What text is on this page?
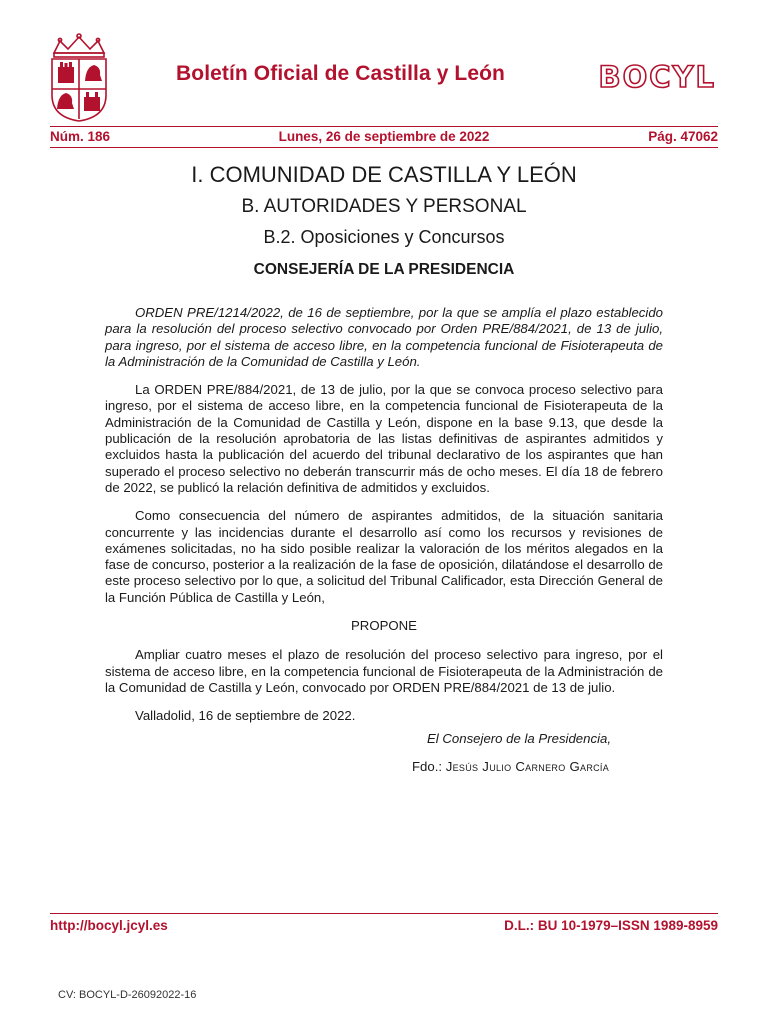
Boletín Oficial de Castilla y León	BOCYL
Núm. 186	Lunes, 26 de septiembre de 2022	Pág. 47062
I. COMUNIDAD DE CASTILLA Y LEÓN
B. AUTORIDADES Y PERSONAL
B.2. Oposiciones y Concursos
CONSEJERÍA DE LA PRESIDENCIA

ORDEN PRE/1214/2022, de 16 de septiembre, por la que se amplía el plazo establecido para la resolución del proceso selectivo convocado por Orden PRE/884/2021, de 13 de julio, para ingreso, por el sistema de acceso libre, en la competencia funcional de Fisioterapeuta de la Administración de la Comunidad de Castilla y León.

La ORDEN PRE/884/2021, de 13 de julio, por la que se convoca proceso selectivo para ingreso, por el sistema de acceso libre, en la competencia funcional de Fisioterapeuta de la Administración de la Comunidad de Castilla y León, dispone en la base 9.13, que desde la publicación de la resolución aprobatoria de las listas definitivas de aspirantes admitidos y excluidos hasta la publicación del acuerdo del tribunal declarativo de los aspirantes que han superado el proceso selectivo no deberán transcurrir más de ocho meses. El día 18 de febrero de 2022, se publicó la relación definitiva de admitidos y excluidos.

Como consecuencia del número de aspirantes admitidos, de la situación sanitaria concurrente y las incidencias durante el desarrollo así como los recursos y revisiones de exámenes solicitadas, no ha sido posible realizar la valoración de los méritos alegados en la fase de concurso, posterior a la realización de la fase de oposición, dilatándose el desarrollo de este proceso selectivo por lo que, a solicitud del Tribunal Calificador, esta Dirección General de la Función Pública de Castilla y León,

PROPONE

Ampliar cuatro meses el plazo de resolución del proceso selectivo para ingreso, por el sistema de acceso libre, en la competencia funcional de Fisioterapeuta de la Administración de la Comunidad de Castilla y León, convocado por ORDEN PRE/884/2021 de 13 de julio.

Valladolid, 16 de septiembre de 2022.

El Consejero de la Presidencia,

Fdo.: Jesús Julio Carnero García

http://bocyl.jcyl.es	D.L.: BU 10-1979–ISSN 1989-8959
CV: BOCYL-D-26092022-16
